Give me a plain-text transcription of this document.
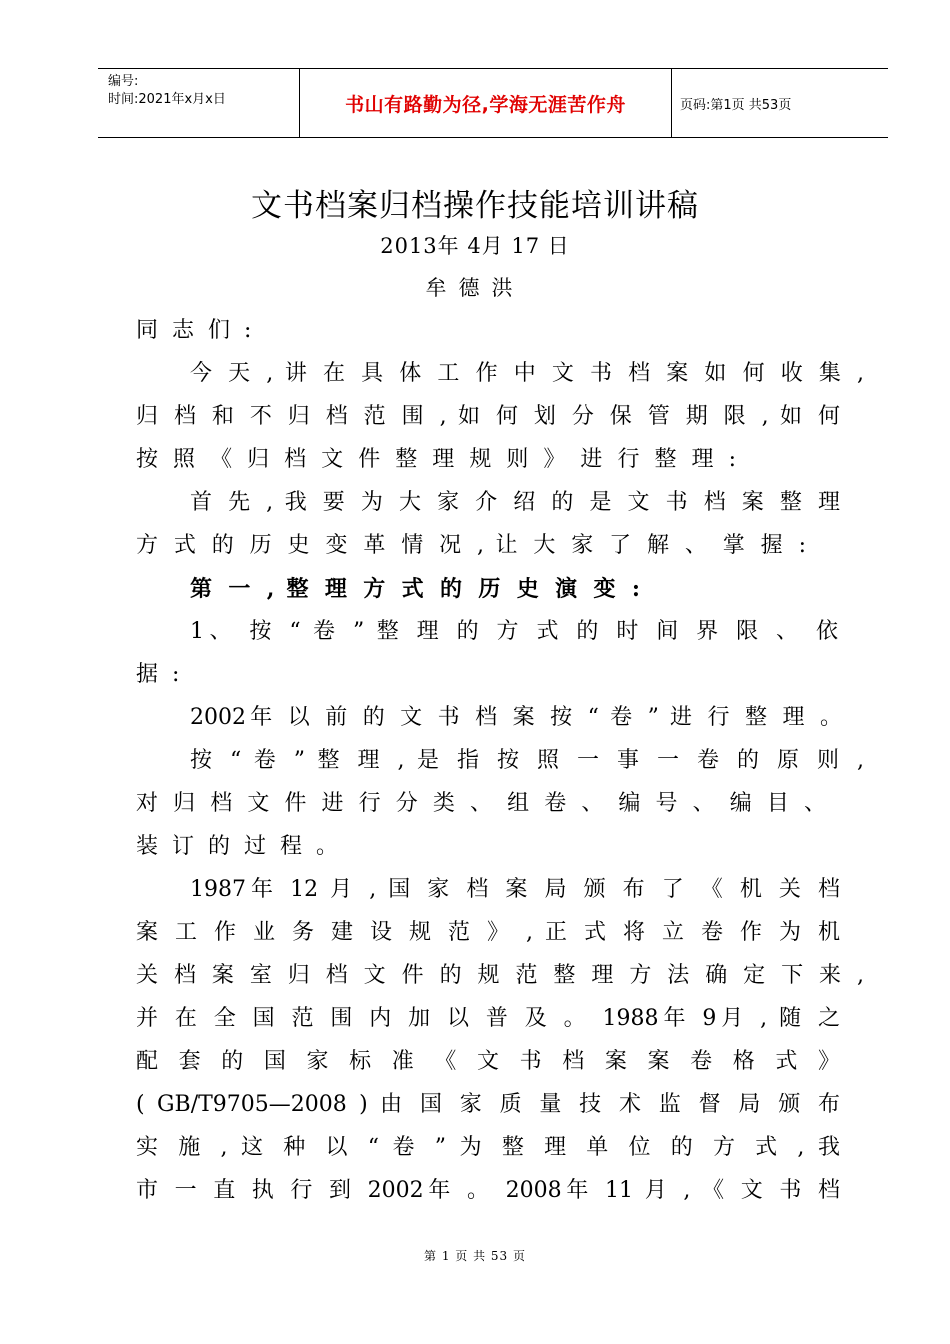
编号:
时间:2021年x月x日	书山有路勤为径,学海无涯苦作舟	页码:第1页 共53页
文书档案归档操作技能培训讲稿
2013年 4月 17 日
牟德洪
同志们:
今 天 , 讲 在 具 体 工 作 中 文 书 档 案 如 何 收 集 ,
归 档 和 不 归 档 范 围 , 如 何 划 分 保 管 期 限 , 如 何
按 照 《 归 档 文 件 整 理 规 则 》 进 行 整 理 :
首 先 , 我 要 为 大 家 介 绍 的 是 文 书 档 案 整 理
方 式 的 历 史 变 革 情 况 , 让 大 家 了 解 、 掌 握 :
第 一 , 整 理 方 式 的 历 史 演 变 :
1、 按 “ 卷 ” 整 理 的 方 式 的 时 间 界 限 、 依
据:
2002年 以 前 的 文 书 档 案 按 “ 卷 ” 进 行 整 理 。
按 “ 卷 ” 整 理 , 是 指 按 照 一 事 一 卷 的 原 则 ,
对 归 档 文 件 进 行 分 类 、 组 卷 、 编 号 、 编 目 、
装订的过程。
1987年 12 月 , 国 家 档 案 局 颁 布 了 《 机 关 档
案 工 作 业 务 建 设 规 范 》 , 正 式 将 立 卷 作 为 机
关 档 案 室 归 档 文 件 的 规 范 整 理 方 法 确 定 下 来 ,
并 在 全 国 范 围 内 加 以 普 及 。 1988年 9月 , 随 之
配 套 的 国 家 标 准 《 文 书 档 案 案 卷 格 式 》
( GB/T9705—2008 ) 由 国 家 质 量 技 术 监 督 局 颁 布
实 施 , 这 种 以 “ 卷 ” 为 整 理 单 位 的 方 式 , 我
市 一 直 执 行 到 2002年 。 2008年 11 月 , 《 文 书 档
第 1 页 共 53 页
